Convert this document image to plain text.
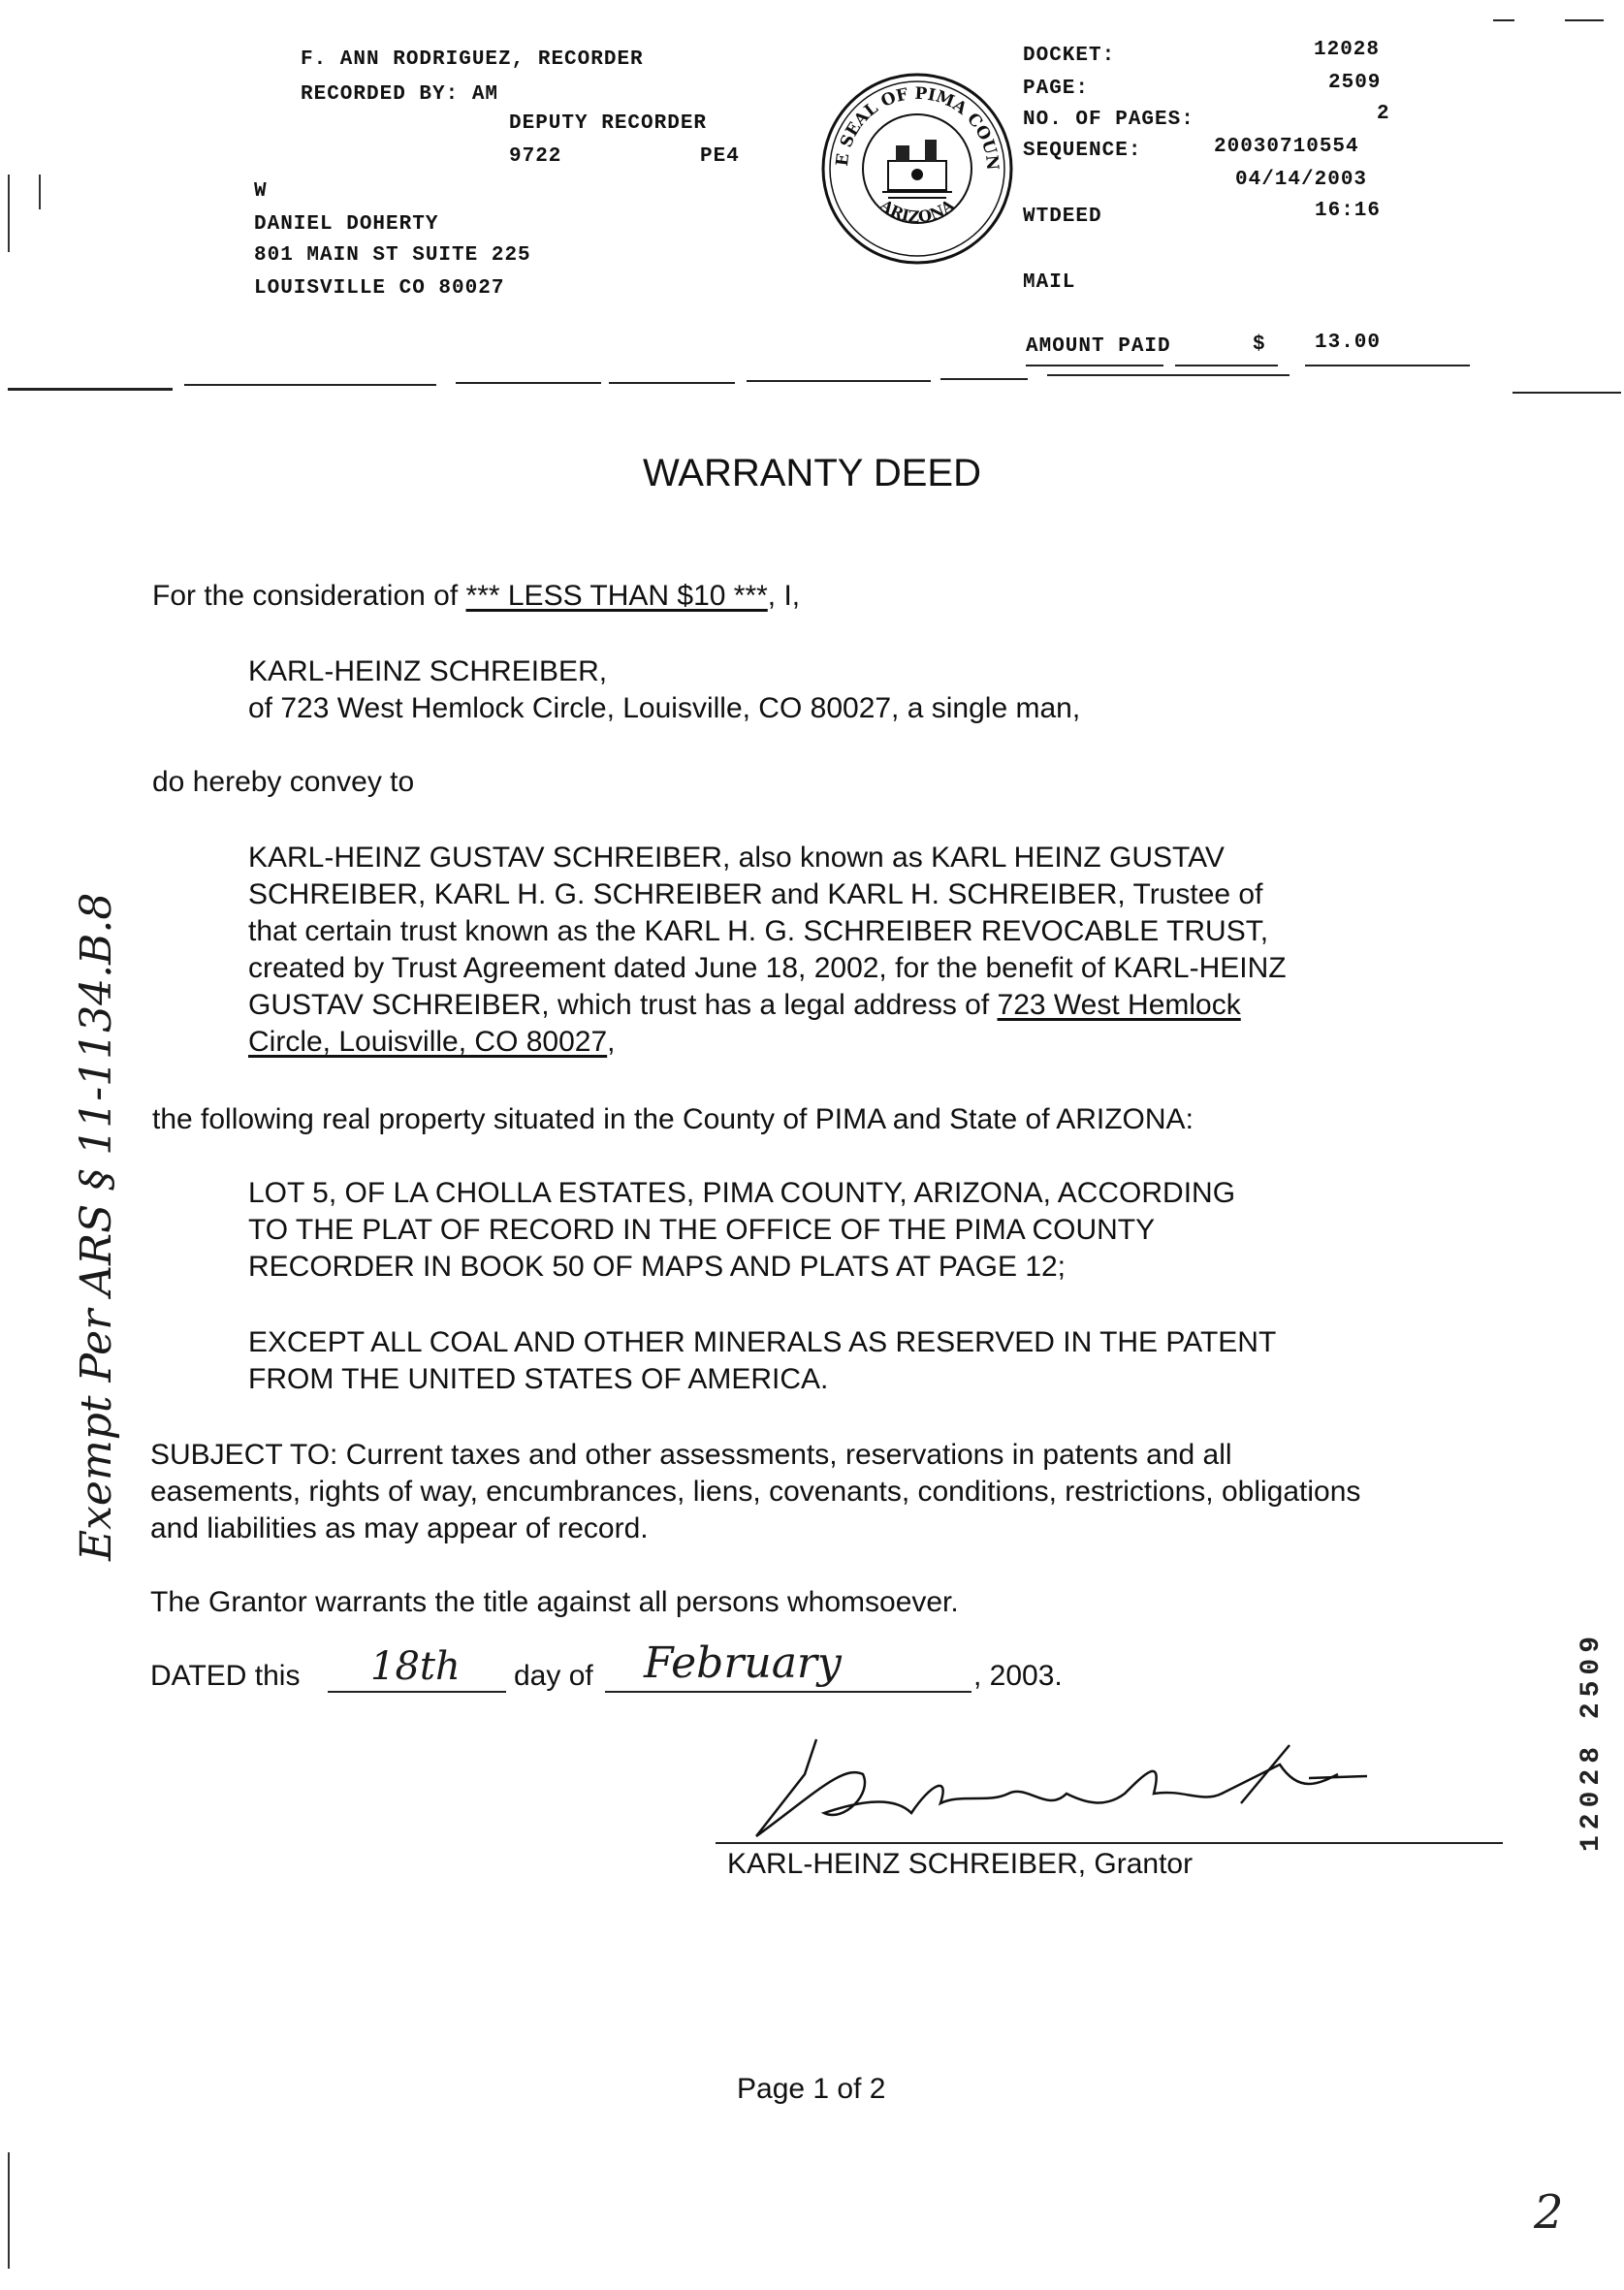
F. ANN RODRIGUEZ, RECORDER
RECORDED BY: AM
DEPUTY RECORDER
9722	PE4
W
DANIEL DOHERTY
801 MAIN ST SUITE 225
LOUISVILLE CO 80027
E SEAL OF PIMA COUN
ARIZONA
DOCKET:	12028
PAGE:	2509
NO. OF PAGES:	2
SEQUENCE:	20030710554
04/14/2003
WTDEED	16:16
MAIL
AMOUNT PAID	$ 13.00
WARRANTY DEED
For the consideration of *** LESS THAN $10 ***, I,
KARL-HEINZ SCHREIBER,
of 723 West Hemlock Circle, Louisville, CO 80027, a single man,
do hereby convey to
KARL-HEINZ GUSTAV SCHREIBER, also known as KARL HEINZ GUSTAV
SCHREIBER, KARL H. G. SCHREIBER and KARL H. SCHREIBER, Trustee of
that certain trust known as the KARL H. G. SCHREIBER REVOCABLE TRUST,
created by Trust Agreement dated June 18, 2002, for the benefit of KARL-HEINZ
GUSTAV SCHREIBER, which trust has a legal address of 723 West Hemlock
Circle, Louisville, CO 80027,
the following real property situated in the County of PIMA and State of ARIZONA:
LOT 5, OF LA CHOLLA ESTATES, PIMA COUNTY, ARIZONA, ACCORDING
TO THE PLAT OF RECORD IN THE OFFICE OF THE PIMA COUNTY
RECORDER IN BOOK 50 OF MAPS AND PLATS AT PAGE 12;
EXCEPT ALL COAL AND OTHER MINERALS AS RESERVED IN THE PATENT
FROM THE UNITED STATES OF AMERICA.
SUBJECT TO: Current taxes and other assessments, reservations in patents and all
easements, rights of way, encumbrances, liens, covenants, conditions, restrictions, obligations
and liabilities as may appear of record.
The Grantor warrants the title against all persons whomsoever.
DATED this 18th day of February	, 2003.
KARL-HEINZ SCHREIBER, Grantor
Page 1 of 2
Exempt Per ARS § 11-1134.B.8
2
12028 2509
